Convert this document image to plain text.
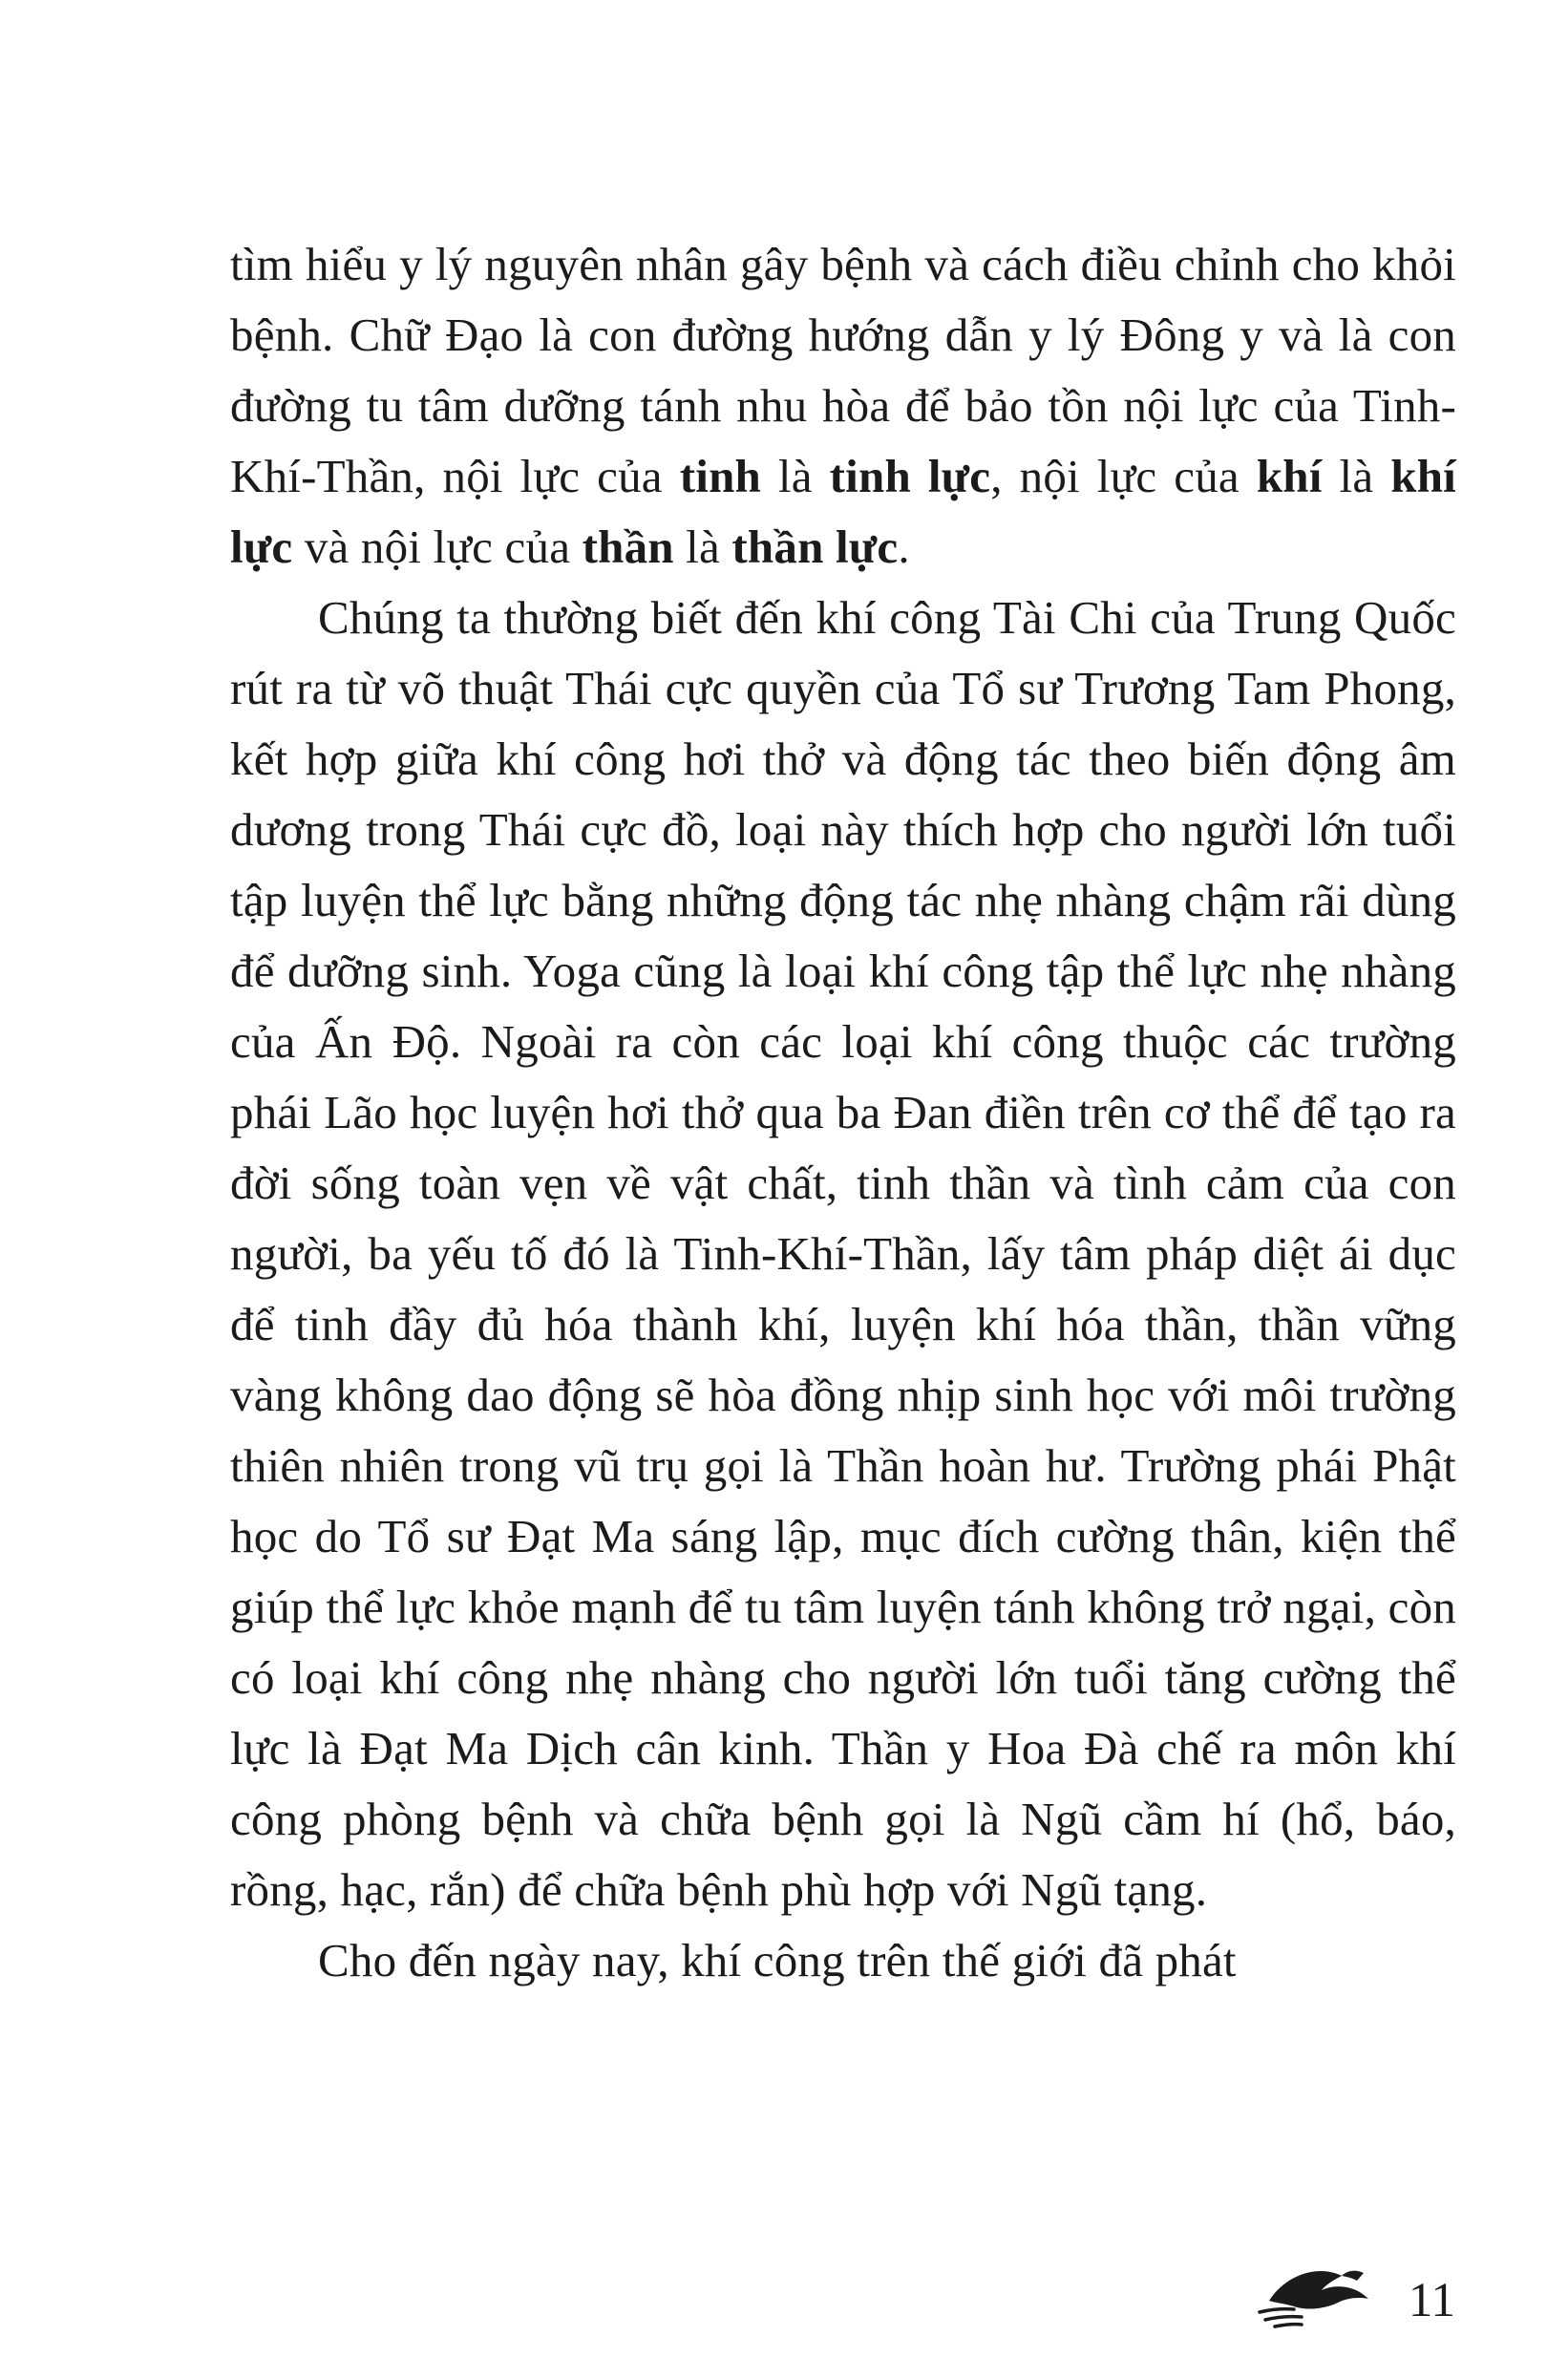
tìm hiểu y lý nguyên nhân gây bệnh và cách điều chỉnh cho khỏi bệnh. Chữ Đạo là con đường hướng dẫn y lý Đông y và là con đường tu tâm dưỡng tánh nhu hòa để bảo tồn nội lực của Tinh-Khí-Thần, nội lực của tinh là tinh lực, nội lực của khí là khí lực và nội lực của thần là thần lực.

Chúng ta thường biết đến khí công Tài Chi của Trung Quốc rút ra từ võ thuật Thái cực quyền của Tổ sư Trương Tam Phong, kết hợp giữa khí công hơi thở và động tác theo biến động âm dương trong Thái cực đồ, loại này thích hợp cho người lớn tuổi tập luyện thể lực bằng những động tác nhẹ nhàng chậm rãi dùng để dưỡng sinh. Yoga cũng là loại khí công tập thể lực nhẹ nhàng của Ấn Độ. Ngoài ra còn các loại khí công thuộc các trường phái Lão học luyện hơi thở qua ba Đan điền trên cơ thể để tạo ra đời sống toàn vẹn về vật chất, tinh thần và tình cảm của con người, ba yếu tố đó là Tinh-Khí-Thần, lấy tâm pháp diệt ái dục để tinh đầy đủ hóa thành khí, luyện khí hóa thần, thần vững vàng không dao động sẽ hòa đồng nhịp sinh học với môi trường thiên nhiên trong vũ trụ gọi là Thần hoàn hư. Trường phái Phật học do Tổ sư Đạt Ma sáng lập, mục đích cường thân, kiện thể giúp thể lực khỏe mạnh để tu tâm luyện tánh không trở ngại, còn có loại khí công nhẹ nhàng cho người lớn tuổi tăng cường thể lực là Đạt Ma Dịch cân kinh. Thần y Hoa Đà chế ra môn khí công phòng bệnh và chữa bệnh gọi là Ngũ cầm hí (hổ, báo, rồng, hạc, rắn) để chữa bệnh phù hợp với Ngũ tạng.

Cho đến ngày nay, khí công trên thế giới đã phát

11
